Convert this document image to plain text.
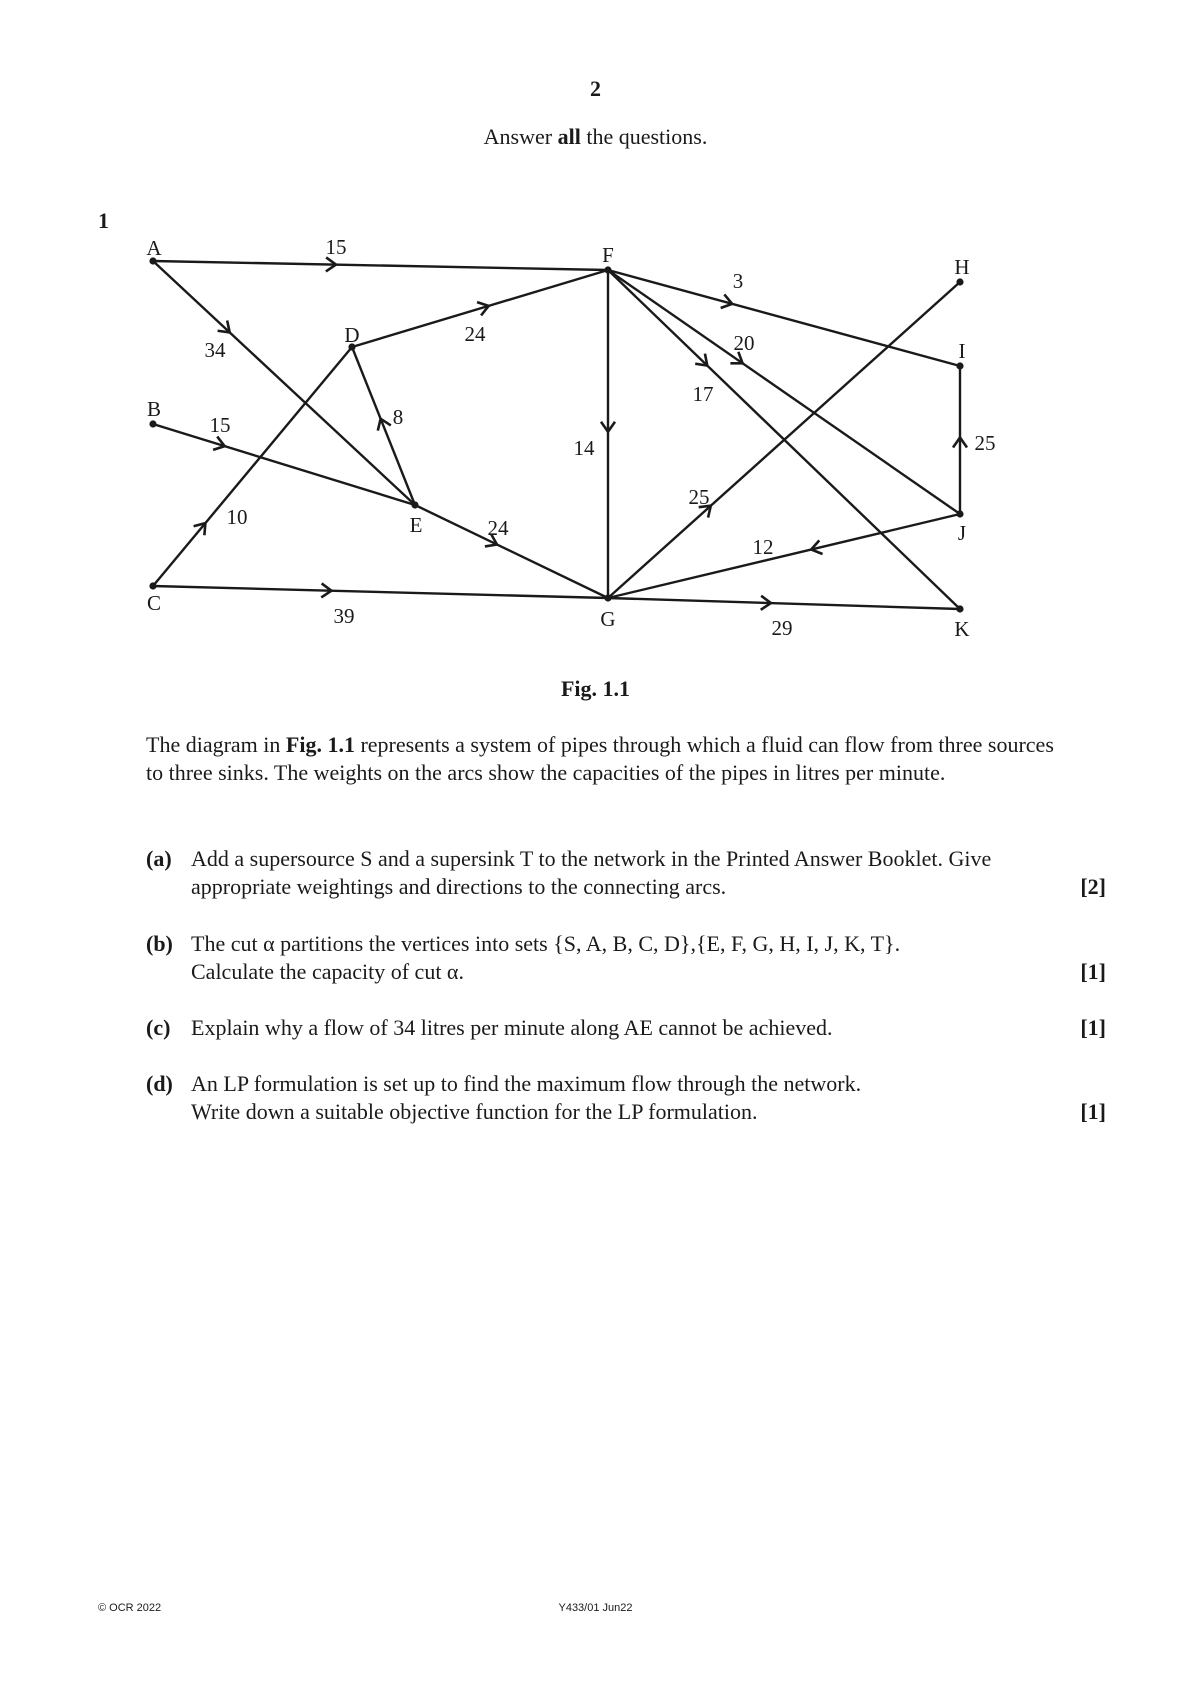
2
Answer all the questions.
1
15
34
15
10
39
24
8
24
3
20
17
14
25
12
29
25
A
B
C
D
E
F
G
H
I
J
K
Fig. 1.1
The diagram in Fig. 1.1 represents a system of pipes through which a fluid can flow from three sources to three sinks. The weights on the arcs show the capacities of the pipes in litres per minute.
(a) Add a supersource S and a supersink T to the network in the Printed Answer Booklet. Give
appropriate weightings and directions to the connecting arcs.	[2]
(b) The cut α partitions the vertices into sets {S, A, B, C, D},{E, F, G, H, I, J, K, T}.
Calculate the capacity of cut α.	[1]
(c) Explain why a flow of 34 litres per minute along AE cannot be achieved.	[1]
(d) An LP formulation is set up to find the maximum flow through the network.
Write down a suitable objective function for the LP formulation.	[1]
© OCR 2022	Y433/01 Jun22
